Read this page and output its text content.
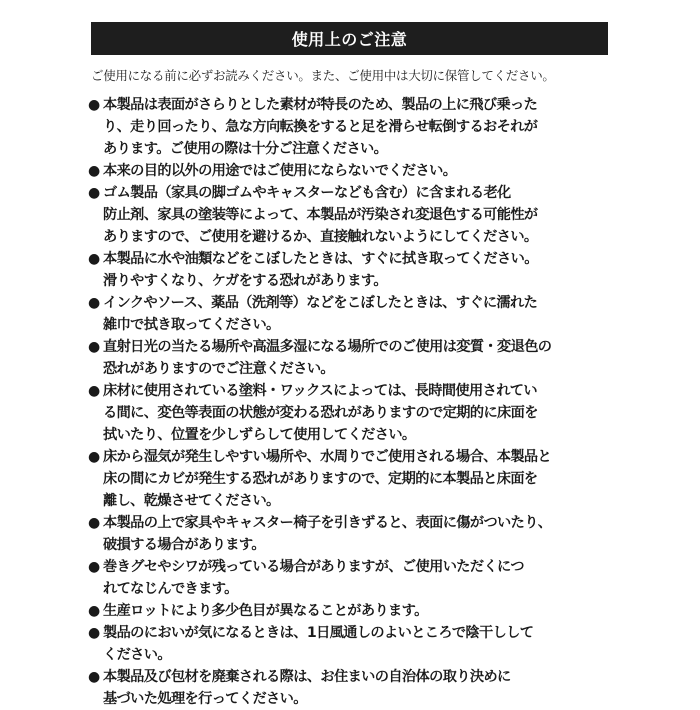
使用上のご注意
ご使用になる前に必ずお読みください。また、ご使用中は大切に保管してください。
● 本製品は表面がさらりとした素材が特長のため、製品の上に飛び乗った
り、走り回ったり、急な方向転換をすると足を滑らせ転倒するおそれが
あります。ご使用の際は十分ご注意ください。
● 本来の目的以外の用途ではご使用にならないでください。
● ゴム製品（家具の脚ゴムやキャスターなども含む）に含まれる老化
防止剤、家具の塗装等によって、本製品が汚染され変退色する可能性が
ありますので、ご使用を避けるか、直接触れないようにしてください。
● 本製品に水や油類などをこぼしたときは、すぐに拭き取ってください。
滑りやすくなり、ケガをする恐れがあります。
● インクやソース、薬品（洗剤等）などをこぼしたときは、すぐに濡れた
雑巾で拭き取ってください。
● 直射日光の当たる場所や高温多湿になる場所でのご使用は変質・変退色の
恐れがありますのでご注意ください。
● 床材に使用されている塗料・ワックスによっては、長時間使用されてい
る間に、変色等表面の状態が変わる恐れがありますので定期的に床面を
拭いたり、位置を少しずらして使用してください。
● 床から湿気が発生しやすい場所や、水周りでご使用される場合、本製品と
床の間にカビが発生する恐れがありますので、定期的に本製品と床面を
離し、乾燥させてください。
● 本製品の上で家具やキャスター椅子を引きずると、表面に傷がついたり、
破損する場合があります。
● 巻きグセやシワが残っている場合がありますが、ご使用いただくにつ
れてなじんできます。
● 生産ロットにより多少色目が異なることがあります。
● 製品のにおいが気になるときは、1日風通しのよいところで陰干しして
ください。
● 本製品及び包材を廃棄される際は、お住まいの自治体の取り決めに
基づいた処理を行ってください。
